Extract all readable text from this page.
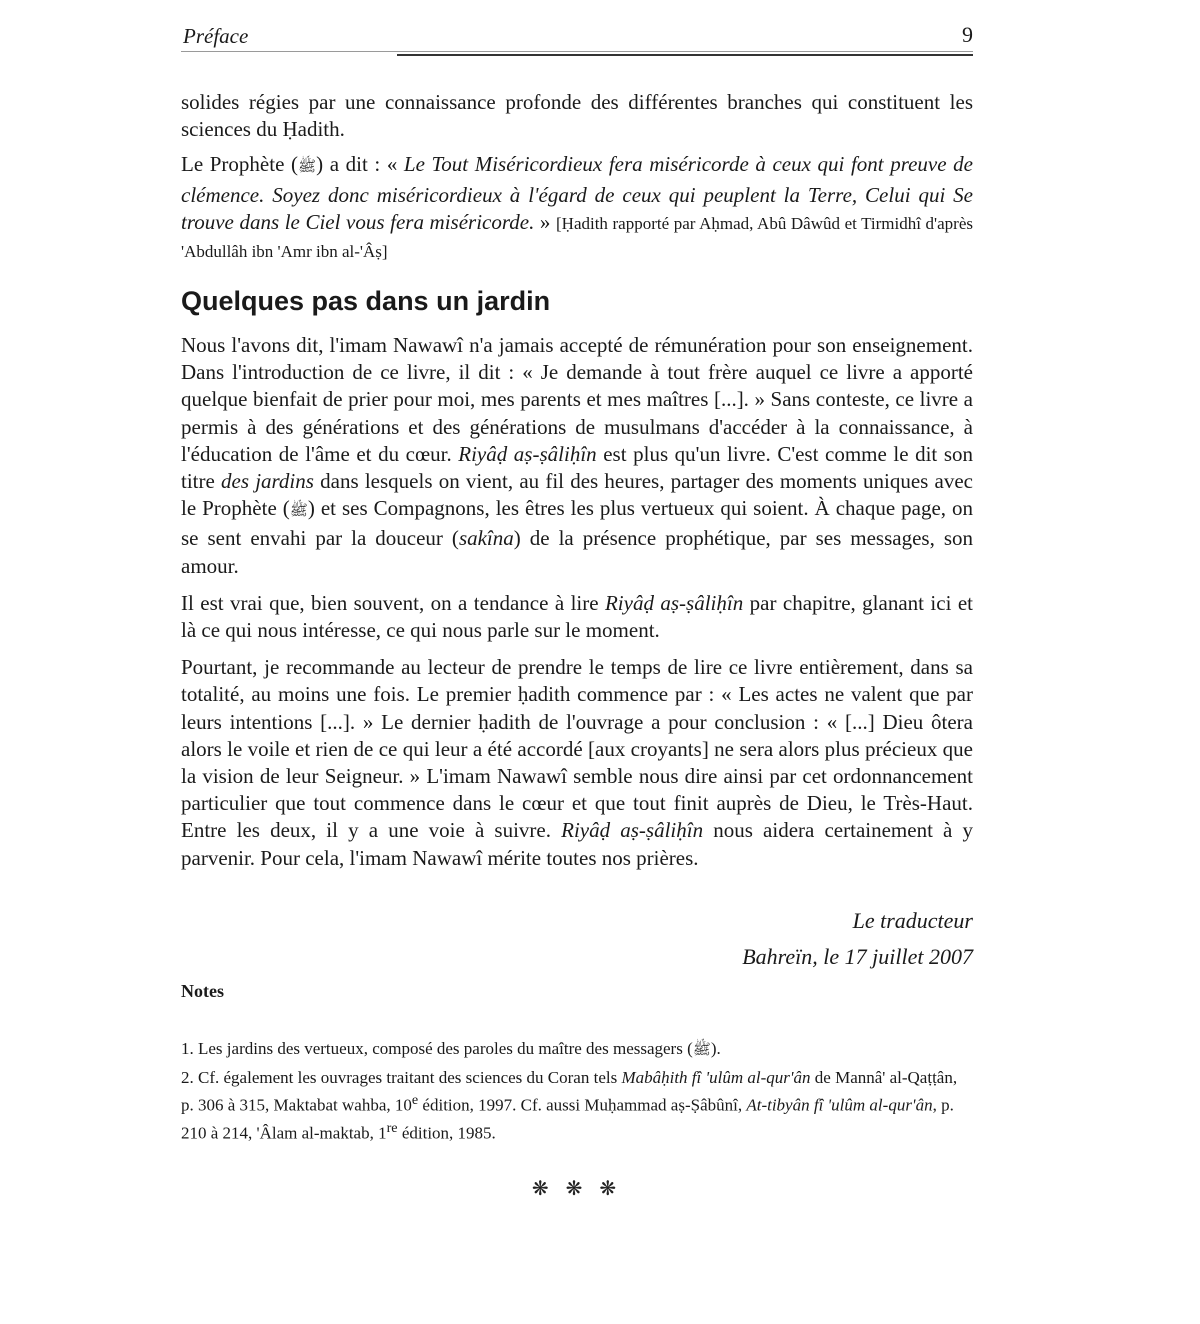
Préface	9

solides régies par une connaissance profonde des différentes branches qui constituent les sciences du Ḥadith.

Le Prophète (ﷺ) a dit : « Le Tout Miséricordieux fera miséricorde à ceux qui font preuve de clémence. Soyez donc miséricordieux à l'égard de ceux qui peuplent la Terre, Celui qui Se trouve dans le Ciel vous fera miséricorde. » [Ḥadith rapporté par Aḥmad, Abû Dâwûd et Tirmidhî d'après 'Abdullâh ibn 'Amr ibn al-'Âṣ]

Quelques pas dans un jardin

Nous l'avons dit, l'imam Nawawî n'a jamais accepté de rémunération pour son enseignement. Dans l'introduction de ce livre, il dit : « Je demande à tout frère auquel ce livre a apporté quelque bienfait de prier pour moi, mes parents et mes maîtres [...]. » Sans conteste, ce livre a permis à des générations et des générations de musulmans d'accéder à la connaissance, à l'éducation de l'âme et du cœur. Riyâḍ aṣ-ṣâliḥîn est plus qu'un livre. C'est comme le dit son titre des jardins dans lesquels on vient, au fil des heures, partager des moments uniques avec le Prophète (ﷺ) et ses Compagnons, les êtres les plus vertueux qui soient. À chaque page, on se sent envahi par la douceur (sakîna) de la présence prophétique, par ses messages, son amour.

Il est vrai que, bien souvent, on a tendance à lire Riyâḍ aṣ-ṣâliḥîn par chapitre, glanant ici et là ce qui nous intéresse, ce qui nous parle sur le moment.

Pourtant, je recommande au lecteur de prendre le temps de lire ce livre entièrement, dans sa totalité, au moins une fois. Le premier ḥadith commence par : « Les actes ne valent que par leurs intentions [...]. » Le dernier ḥadith de l'ouvrage a pour conclusion : « [...] Dieu ôtera alors le voile et rien de ce qui leur a été accordé [aux croyants] ne sera alors plus précieux que la vision de leur Seigneur. » L'imam Nawawî semble nous dire ainsi par cet ordonnancement particulier que tout commence dans le cœur et que tout finit auprès de Dieu, le Très-Haut. Entre les deux, il y a une voie à suivre. Riyâḍ aṣ-ṣâliḥîn nous aidera certainement à y parvenir. Pour cela, l'imam Nawawî mérite toutes nos prières.

Le traducteur
Bahreïn, le 17 juillet 2007
Notes

1. Les jardins des vertueux, composé des paroles du maître des messagers (ﷺ).

2. Cf. également les ouvrages traitant des sciences du Coran tels Mabâḥith fî 'ulûm al-qur'ân de Mannâ' al-Qaṭṭân, p. 306 à 315, Maktabat wahba, 10e édition, 1997. Cf. aussi Muḥammad aṣ-Ṣâbûnî, At-tibyân fî 'ulûm al-qur'ân, p. 210 à 214, 'Âlam al-maktab, 1re édition, 1985.

❋ ❋ ❋
